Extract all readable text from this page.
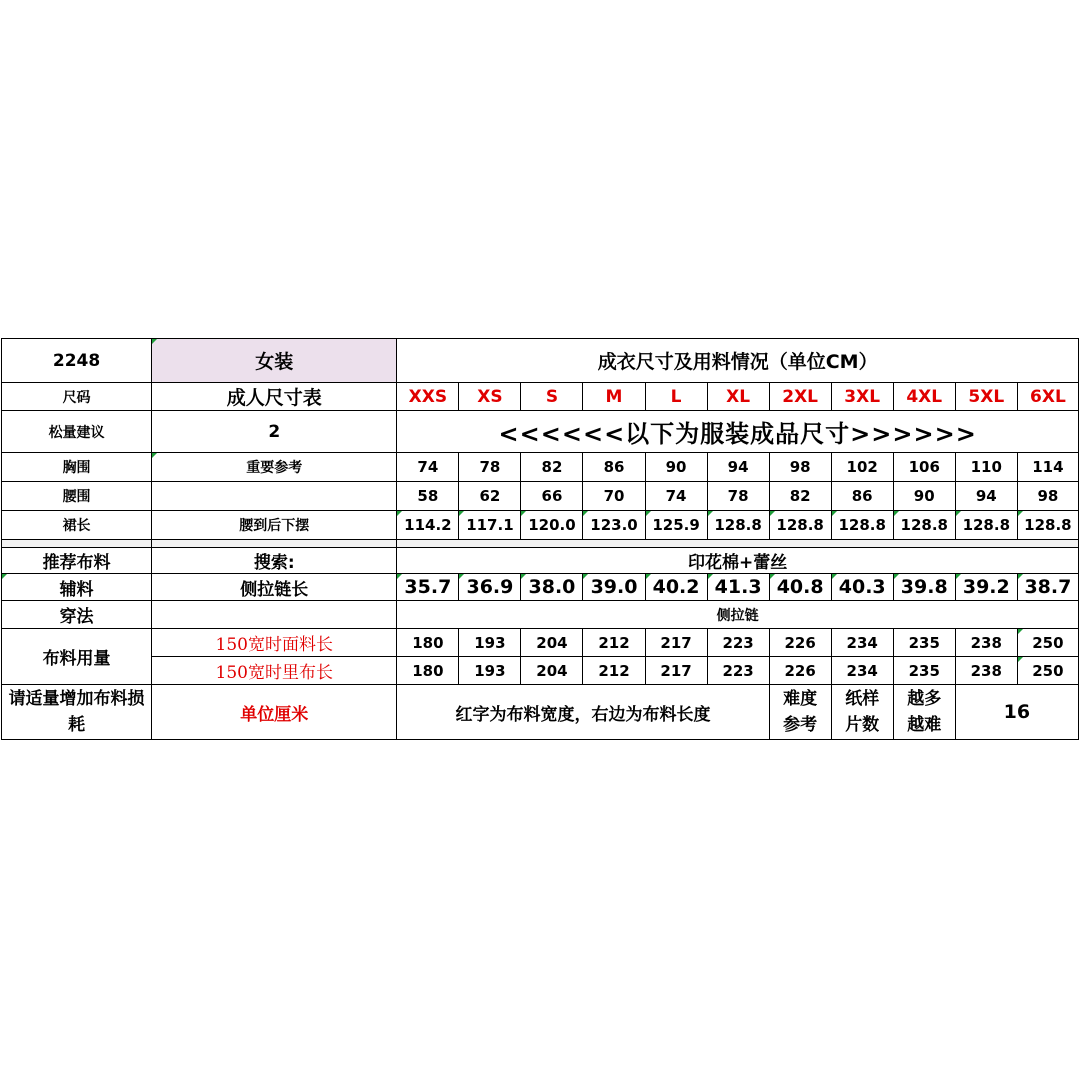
2248	女装	成衣尺寸及用料情况（单位CM）										
尺码	成人尺寸表	XXS	XS	S	M	L	XL	2XL	3XL	4XL	5XL	6XL
松量建议	2	<<<<<<以下为服装成品尺寸>>>>>>										
胸围	重要参考	74	78	82	86	90	94	98	102	106	110	114
腰围		58	62	66	70	74	78	82	86	90	94	98
裙长	腰到后下摆	114.2	117.1	120.0	123.0	125.9	128.8	128.8	128.8	128.8	128.8	128.8

推荐布料	搜索:	印花棉+蕾丝										
辅料	侧拉链长	35.7	36.9	38.0	39.0	40.2	41.3	40.8	40.3	39.8	39.2	38.7
穿法		侧拉链										
布料用量	150宽时面料长	180	193	204	212	217	223	226	234	235	238	250
	150宽时里布长	180	193	204	212	217	223	226	234	235	238	250
请适量增加布料损耗	单位厘米	红字为布料宽度，右边为布料长度						难度参考	纸样片数	越多越难	16	
